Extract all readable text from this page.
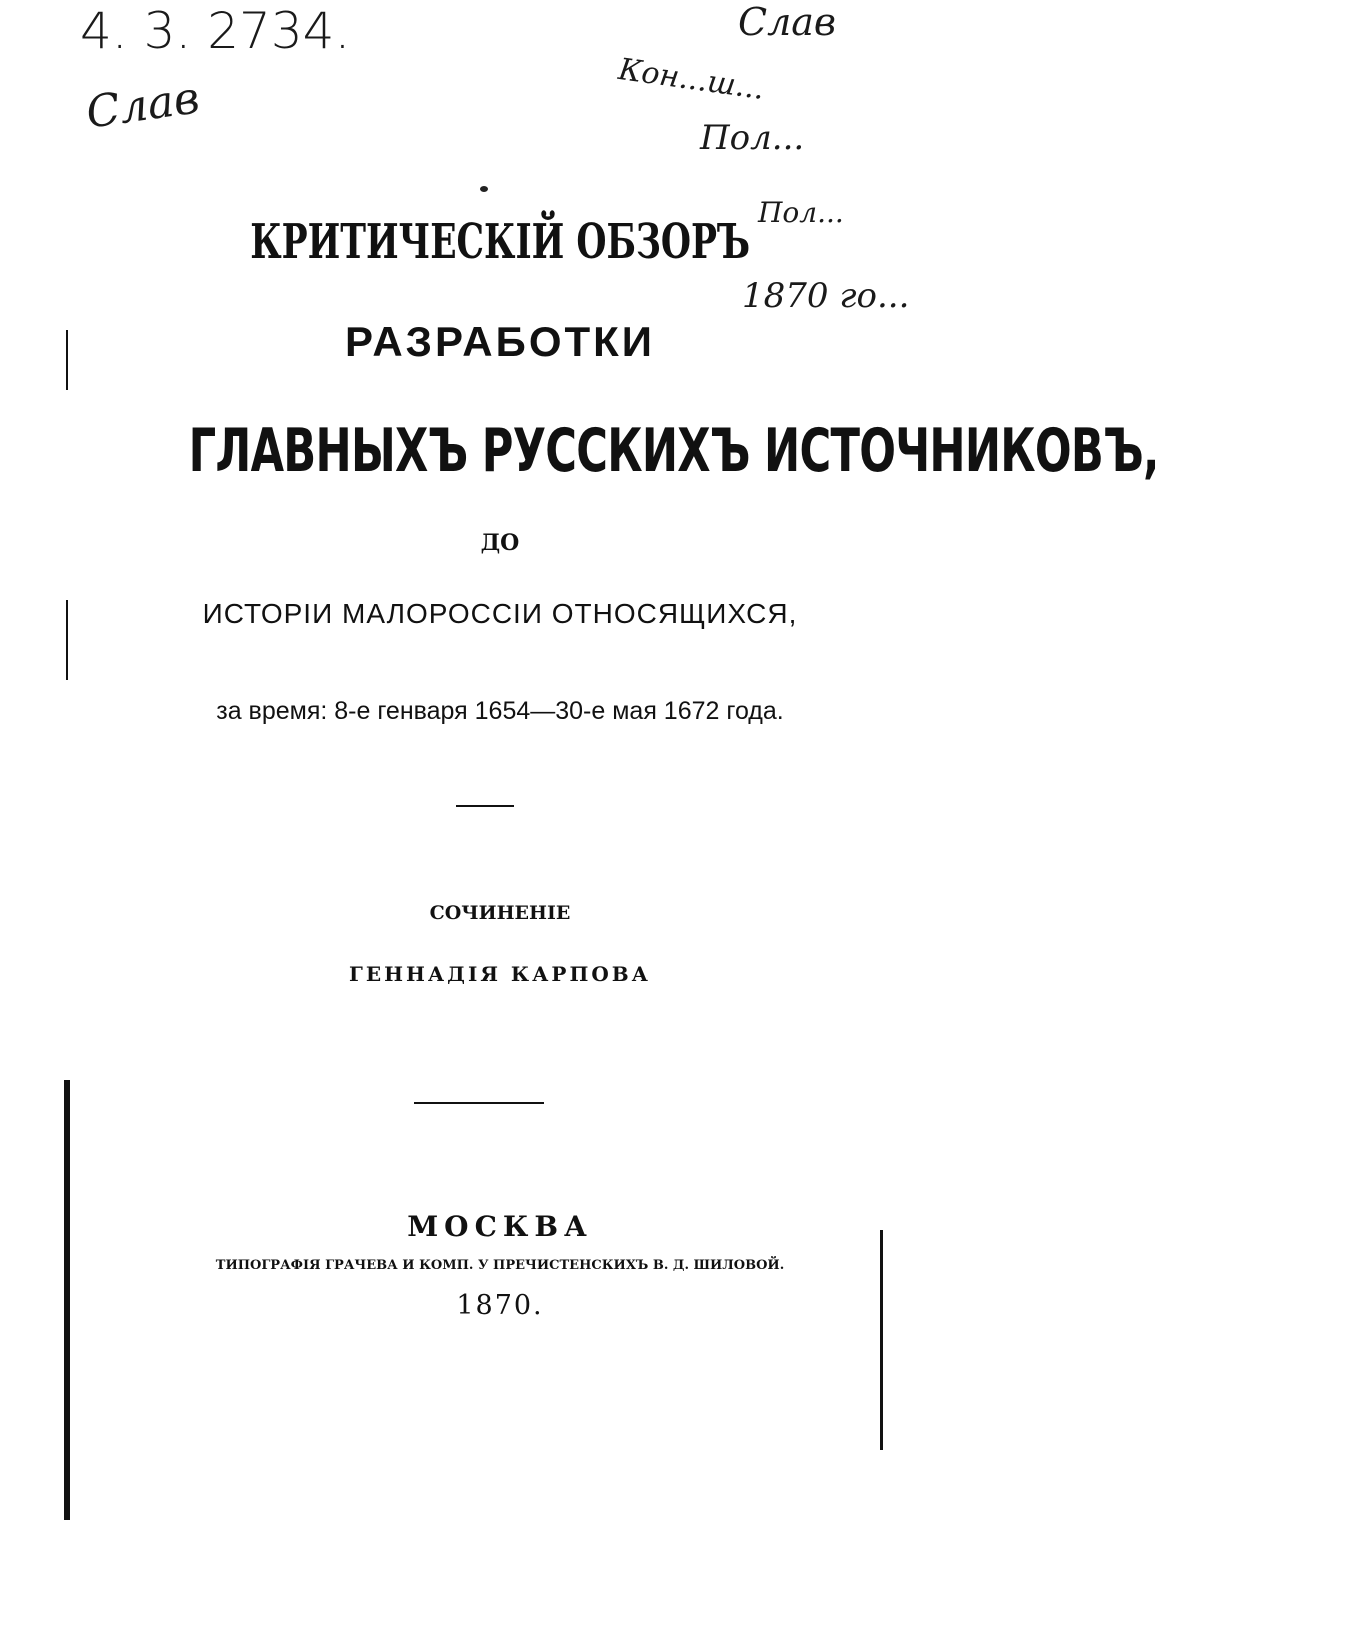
4. 3. 2734.	Слав
Слав	Кон...ш...
Пол...
Пол...
1870 го...
КРИТИЧЕСКІЙ ОБЗОРЪ
РАЗРАБОТКИ
ГЛАВНЫХЪ РУССКИХЪ ИСТОЧНИКОВЪ,
ДО
ИСТОРІИ МАЛОРОССІИ ОТНОСЯЩИХСЯ,
за время: 8-е генваря 1654—30-е мая 1672 года.
СОЧИНЕНІЕ
ГЕННАДІЯ КАРПОВА
МОСКВА
ТИПОГРАФІЯ ГРАЧЕВА И КОМП. У ПРЕЧИСТЕНСКИХЪ В. Д. ШИЛОВОЙ.
1870.
